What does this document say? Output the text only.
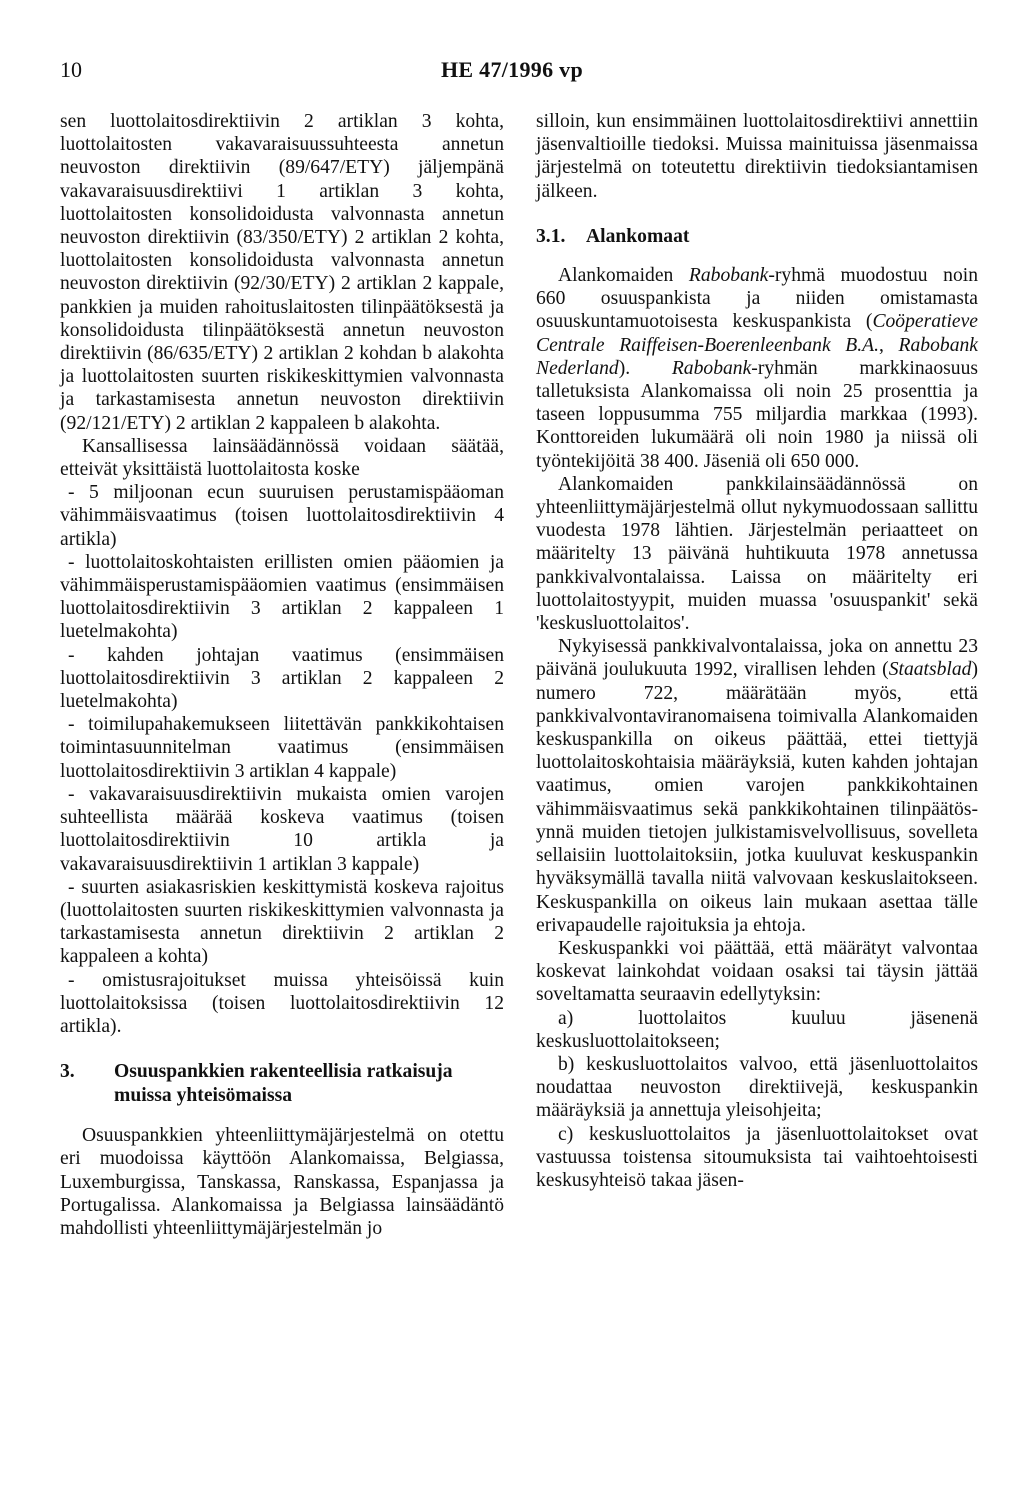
10	HE 47/1996 vp

sen luottolaitosdirektiivin 2 artiklan 3 kohta, luottolaitosten vakavaraisuussuhteesta annetun neuvoston direktiivin (89/647/ETY) jäljempänä vakavaraisuusdirektiivi 1 artiklan 3 kohta, luottolaitosten konsolidoidusta valvonnasta annetun neuvoston direktiivin (83/350/ETY) 2 artiklan 2 kohta, luottolaitosten konsolidoidusta valvonnasta annetun neuvoston direktiivin (92/30/ETY) 2 artiklan 2 kappale, pankkien ja muiden rahoituslaitosten tilinpäätöksestä ja konsolidoidusta tilinpäätöksestä annetun neuvoston direktiivin (86/635/ETY) 2 artiklan 2 kohdan b alakohta ja luottolaitosten suurten riskikeskittymien valvonnasta ja tarkastamisesta annetun neuvoston direktiivin (92/121/ETY) 2 artiklan 2 kappaleen b alakohta.

Kansallisessa lainsäädännössä voidaan säätää, etteivät yksittäistä luottolaitosta koske

- 5 miljoonan ecun suuruisen perustamispääoman vähimmäisvaatimus (toisen luottolaitosdirektiivin 4 artikla)

- luottolaitoskohtaisten erillisten omien pääomien ja vähimmäisperustamispääomien vaatimus (ensimmäisen luottolaitosdirektiivin 3 artiklan 2 kappaleen 1 luetelmakohta)

- kahden johtajan vaatimus (ensimmäisen luottolaitosdirektiivin 3 artiklan 2 kappaleen 2 luetelmakohta)

- toimilupahakemukseen liitettävän pankkikohtaisen toimintasuunnitelman vaatimus (ensimmäisen luottolaitosdirektiivin 3 artiklan 4 kappale)

- vakavaraisuusdirektiivin mukaista omien varojen suhteellista määrää koskeva vaatimus (toisen luottolaitosdirektiivin 10 artikla ja vakavaraisuusdirektiivin 1 artiklan 3 kappale)

- suurten asiakasriskien keskittymistä koskeva rajoitus (luottolaitosten suurten riskikeskittymien valvonnasta ja tarkastamisesta annetun direktiivin 2 artiklan 2 kappaleen a kohta)

- omistusrajoitukset muissa yhteisöissä kuin luottolaitoksissa (toisen luottolaitosdirektiivin 12 artikla).

3.	Osuuspankkien rakenteellisia ratkaisuja muissa yhteisömaissa

Osuuspankkien yhteenliittymäjärjestelmä on otettu eri muodoissa käyttöön Alankomaissa, Belgiassa, Luxemburgissa, Tanskassa, Ranskassa, Espanjassa ja Portugalissa. Alankomaissa ja Belgiassa lainsäädäntö mahdollisti yhteenliittymäjärjestelmän jo

silloin, kun ensimmäinen luottolaitosdirektiivi annettiin jäsenvaltioille tiedoksi. Muissa mainituissa jäsenmaissa järjestelmä on toteutettu direktiivin tiedoksiantamisen jälkeen.

3.1.	Alankomaat

Alankomaiden Rabobank-ryhmä muodostuu noin 660 osuuspankista ja niiden omistamasta osuuskuntamuotoisesta keskuspankista (Coöperatieve Centrale Raiffeisen-Boerenleenbank B.A., Rabobank Nederland). Rabobank-ryhmän markkinaosuus talletuksista Alankomaissa oli noin 25 prosenttia ja taseen loppusumma 755 miljardia markkaa (1993). Konttoreiden lukumäärä oli noin 1980 ja niissä oli työntekijöitä 38 400. Jäseniä oli 650 000.

Alankomaiden pankkilainsäädännössä on yhteenliittymäjärjestelmä ollut nykymuodossaan sallittu vuodesta 1978 lähtien. Järjestelmän periaatteet on määritelty 13 päivänä huhtikuuta 1978 annetussa pankkivalvontalaissa. Laissa on määritelty eri luottolaitostyypit, muiden muassa 'osuuspankit' sekä 'keskusluottolaitos'.

Nykyisessä pankkivalvontalaissa, joka on annettu 23 päivänä joulukuuta 1992, virallisen lehden (Staatsblad) numero 722, määrätään myös, että pankkivalvontaviranomaisena toimivalla Alankomaiden keskuspankilla on oikeus päättää, ettei tiettyjä luottolaitoskohtaisia määräyksiä, kuten kahden johtajan vaatimus, omien varojen pankkikohtainen vähimmäisvaatimus sekä pankkikohtainen tilinpäätös- ynnä muiden tietojen julkistamisvelvollisuus, sovelleta sellaisiin luottolaitoksiin, jotka kuuluvat keskuspankin hyväksymällä tavalla niitä valvovaan keskuslaitokseen. Keskuspankilla on oikeus lain mukaan asettaa tälle erivapaudelle rajoituksia ja ehtoja.

Keskuspankki voi päättää, että määrätyt valvontaa koskevat lainkohdat voidaan osaksi tai täysin jättää soveltamatta seuraavin edellytyksin:

a) luottolaitos kuuluu jäsenenä keskusluottolaitokseen;

b) keskusluottolaitos valvoo, että jäsenluottolaitos noudattaa neuvoston direktiivejä, keskuspankin määräyksiä ja annettuja yleisohjeita;

c) keskusluottolaitos ja jäsenluottolaitokset ovat vastuussa toistensa sitoumuksista tai vaihtoehtoisesti keskusyhteisö takaa jäsen-
